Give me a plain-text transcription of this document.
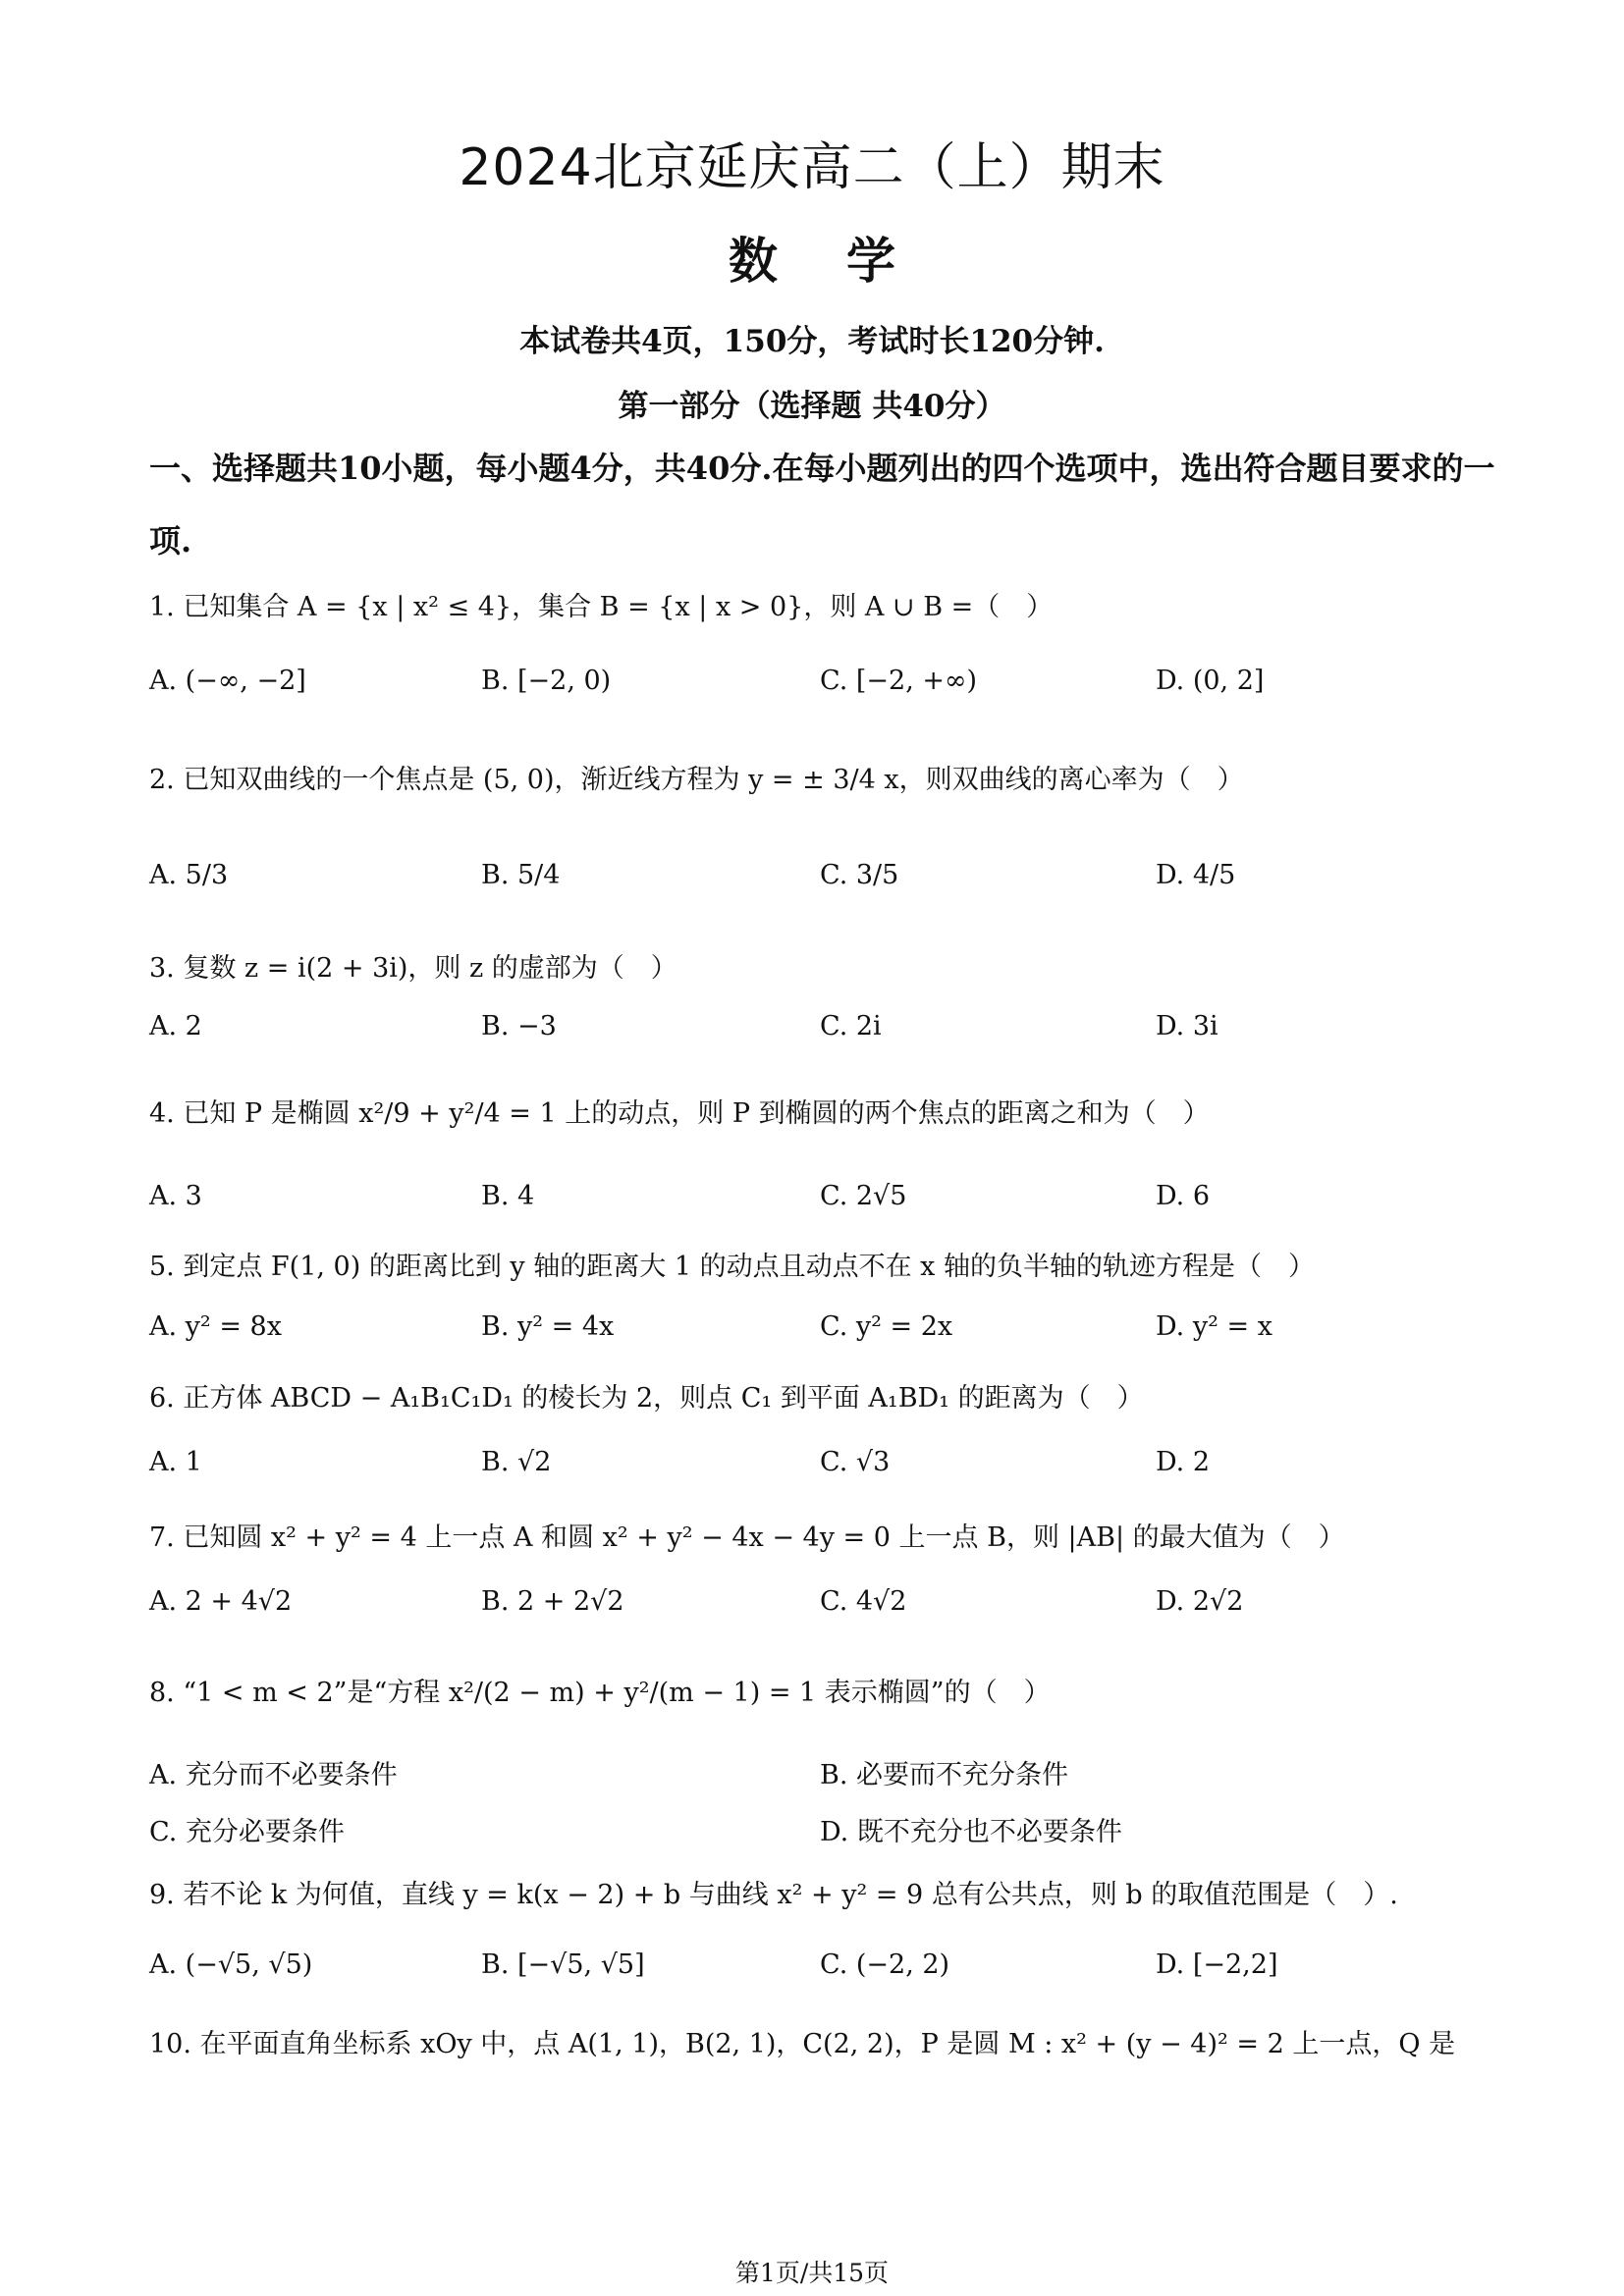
2024北京延庆高二（上）期末
数学
本试卷共4页，150分，考试时长120分钟.
第一部分（选择题 共40分）
一、选择题共10小题，每小题4分，共40分.在每小题列出的四个选项中，选出符合题目要求的一项.
1. 已知集合 A = {x | x² ≤ 4}，集合 B = {x | x > 0}，则 A ∪ B =（　）
A. (−∞, −2]	B. [−2, 0)	C. [−2, +∞)	D. (0, 2]
2. 已知双曲线的一个焦点是 (5, 0)，渐近线方程为 y = ± 3/4 x，则双曲线的离心率为（　）
A. 5/3	B. 5/4	C. 3/5	D. 4/5
3. 复数 z = i(2 + 3i)，则 z 的虚部为（　）
A. 2	B. −3	C. 2i	D. 3i
4. 已知 P 是椭圆 x²/9 + y²/4 = 1 上的动点，则 P 到椭圆的两个焦点的距离之和为（　）
A. 3	B. 4	C. 2√5	D. 6
5. 到定点 F(1, 0) 的距离比到 y 轴的距离大 1 的动点且动点不在 x 轴的负半轴的轨迹方程是（　）
A. y² = 8x	B. y² = 4x	C. y² = 2x	D. y² = x
6. 正方体 ABCD − A₁B₁C₁D₁ 的棱长为 2，则点 C₁ 到平面 A₁BD₁ 的距离为（　）
A. 1	B. √2	C. √3	D. 2
7. 已知圆 x² + y² = 4 上一点 A 和圆 x² + y² − 4x − 4y = 0 上一点 B，则 |AB| 的最大值为（　）
A. 2 + 4√2	B. 2 + 2√2	C. 4√2	D. 2√2
8. “1 < m < 2”是“方程 x²/(2 − m) + y²/(m − 1) = 1 表示椭圆”的（　）
A. 充分而不必要条件	B. 必要而不充分条件
C. 充分必要条件	D. 既不充分也不必要条件
9. 若不论 k 为何值，直线 y = k(x − 2) + b 与曲线 x² + y² = 9 总有公共点，则 b 的取值范围是（　）.
A. (−√5, √5)	B. [−√5, √5]	C. (−2, 2)	D. [−2,2]
10. 在平面直角坐标系 xOy 中，点 A(1, 1)，B(2, 1)，C(2, 2)，P 是圆 M : x² + (y − 4)² = 2 上一点，Q 是
第1页/共15页
